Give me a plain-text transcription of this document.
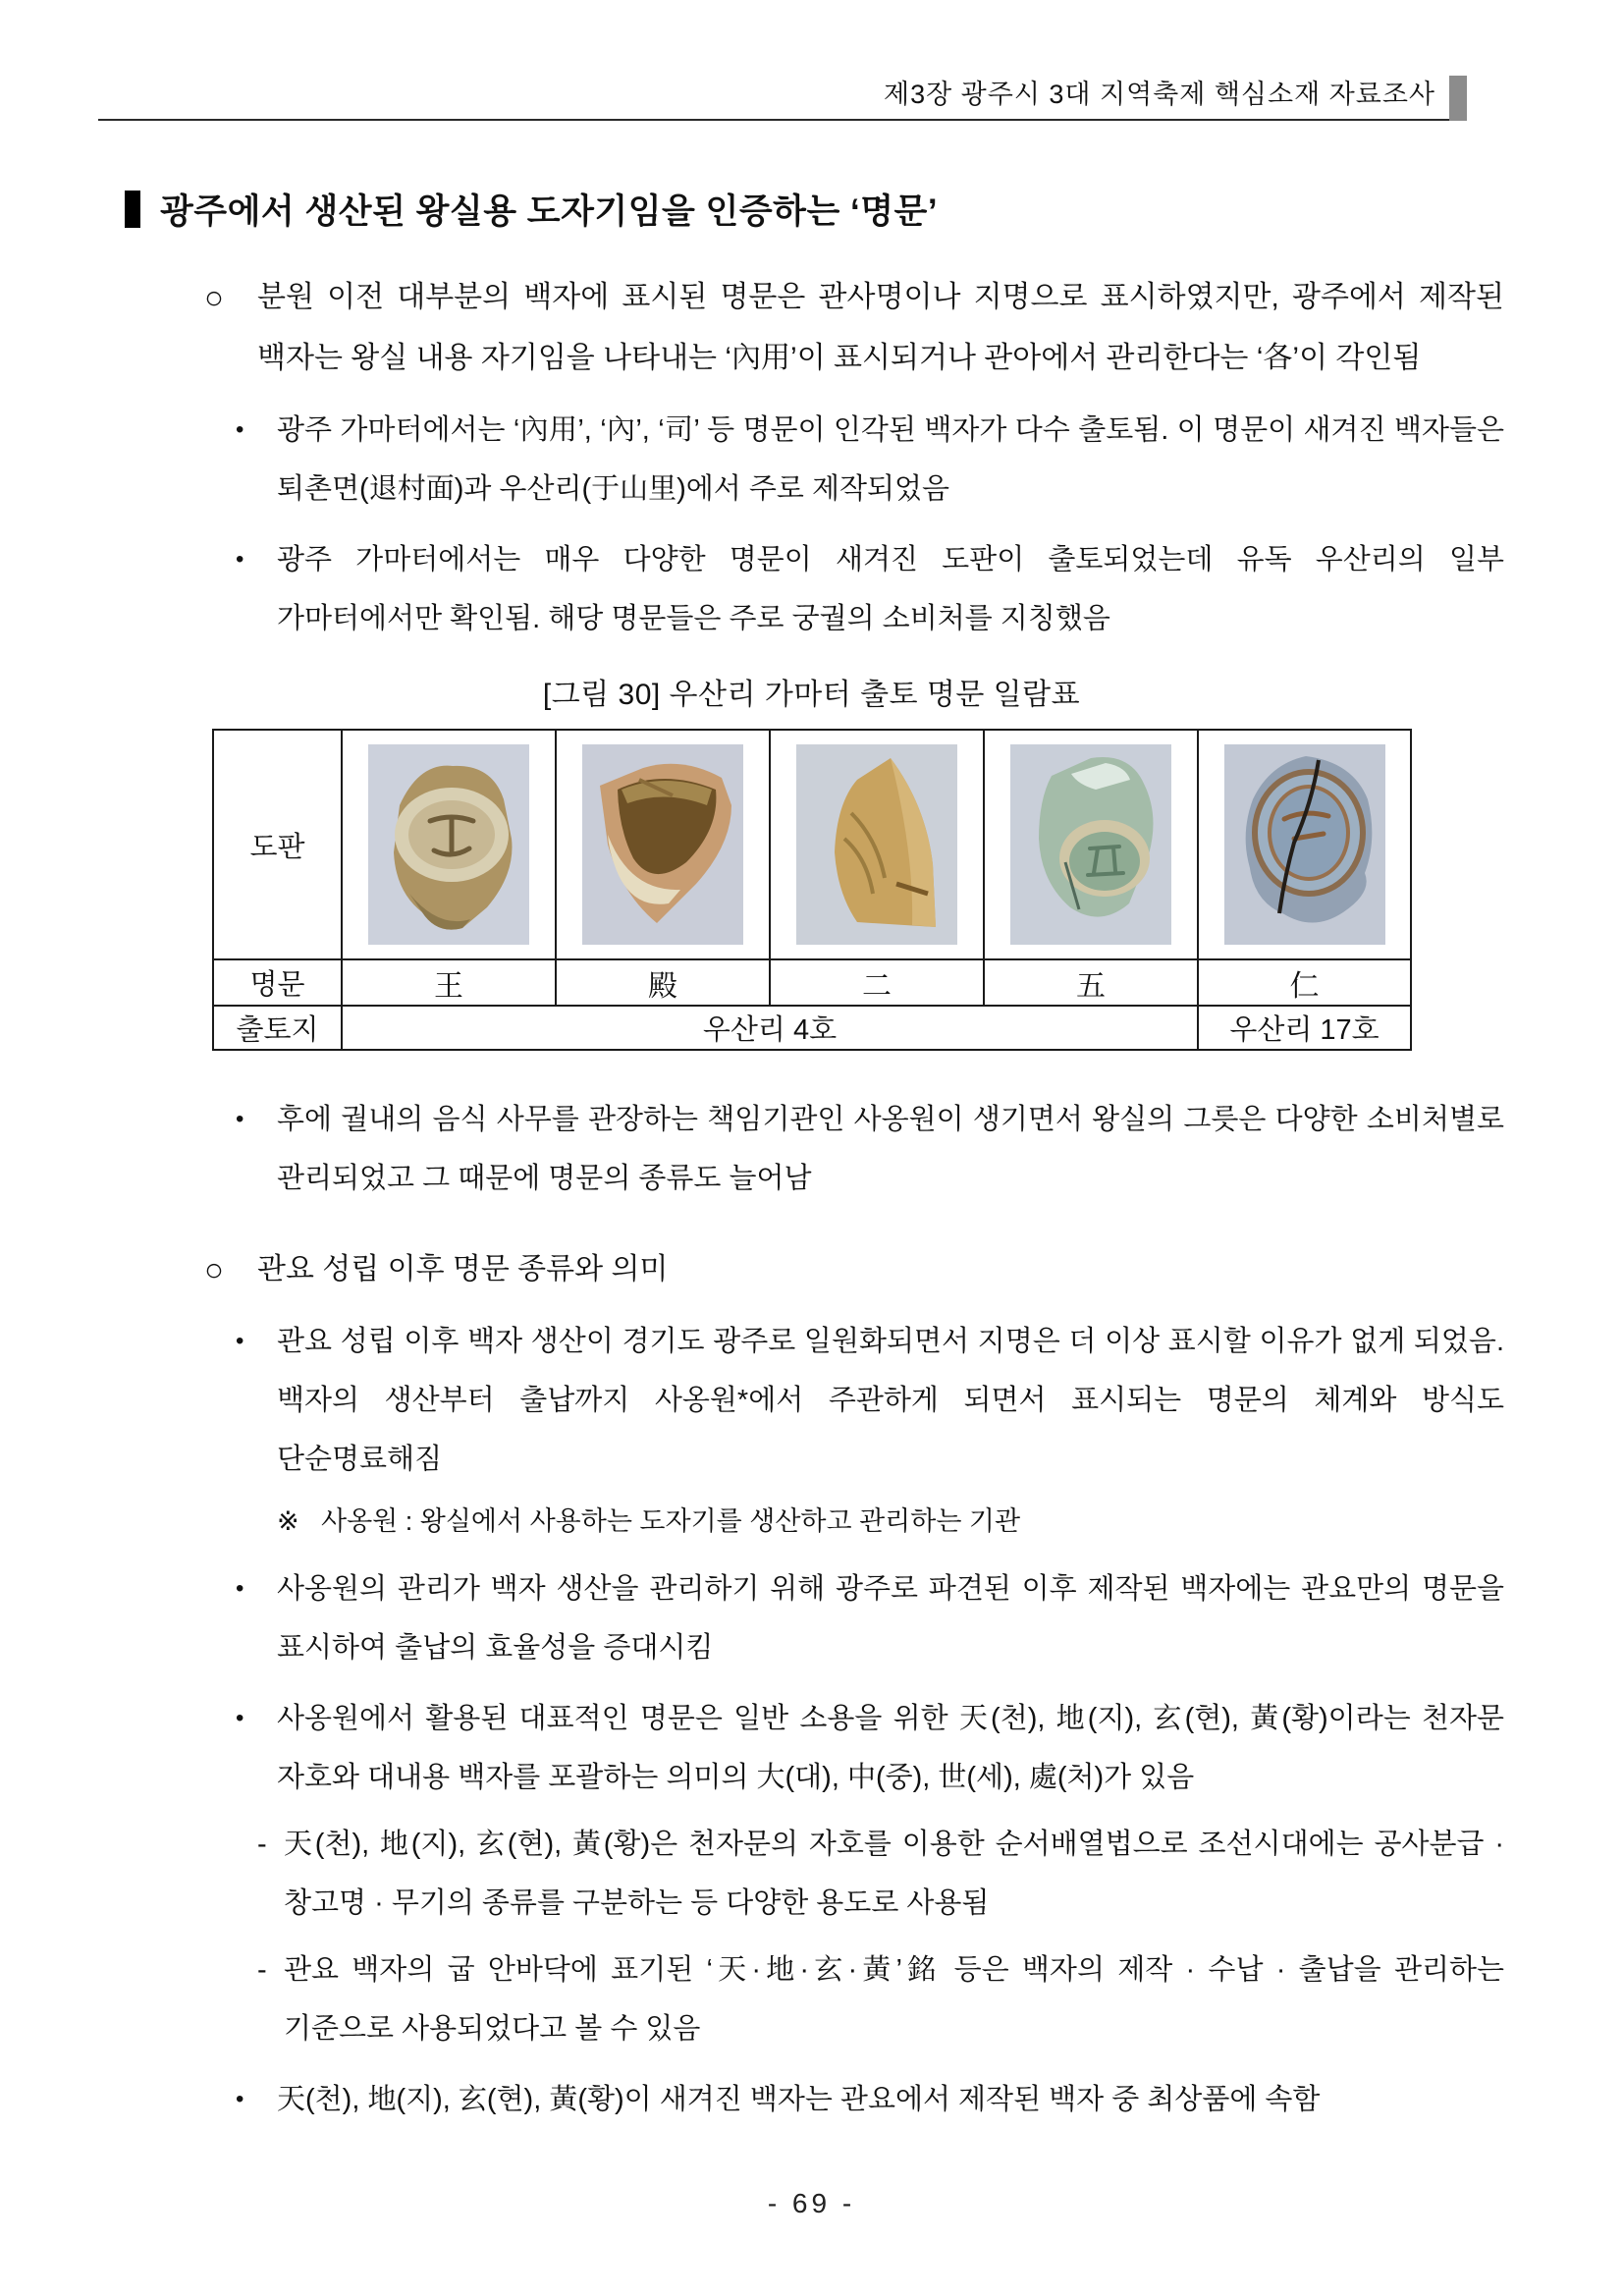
제3장 광주시 3대 지역축제 핵심소재 자료조사
광주에서 생산된 왕실용 도자기임을 인증하는 ‘명문’
○	분원 이전 대부분의 백자에 표시된 명문은 관사명이나 지명으로 표시하였지만, 광주에서 제작된 백자는 왕실 내용 자기임을 나타내는 ‘內用’이 표시되거나 관아에서 관리한다는 ‘各’이 각인됨
•	광주 가마터에서는 ‘內用’, ‘內’, ‘司’ 등 명문이 인각된 백자가 다수 출토됨. 이 명문이 새겨진 백자들은 퇴촌면(退村面)과 우산리(于山里)에서 주로 제작되었음
•	광주 가마터에서는 매우 다양한 명문이 새겨진 도판이 출토되었는데 유독 우산리의 일부 가마터에서만 확인됨. 해당 명문들은 주로 궁궐의 소비처를 지칭했음
[그림 30] 우산리 가마터 출토 명문 일람표
도판	

명문	王	殿	二	五	仁
출토지	우산리 4호				우산리 17호
•	후에 궐내의 음식 사무를 관장하는 책임기관인 사옹원이 생기면서 왕실의 그릇은 다양한 소비처별로 관리되었고 그 때문에 명문의 종류도 늘어남
○	관요 성립 이후 명문 종류와 의미
•	관요 성립 이후 백자 생산이 경기도 광주로 일원화되면서 지명은 더 이상 표시할 이유가 없게 되었음. 백자의 생산부터 출납까지 사옹원*에서 주관하게 되면서 표시되는 명문의 체계와 방식도 단순명료해짐
※ 사옹원 : 왕실에서 사용하는 도자기를 생산하고 관리하는 기관
•	사옹원의 관리가 백자 생산을 관리하기 위해 광주로 파견된 이후 제작된 백자에는 관요만의 명문을 표시하여 출납의 효율성을 증대시킴
•	사옹원에서 활용된 대표적인 명문은 일반 소용을 위한 天(천), 地(지), 玄(현), 黃(황)이라는 천자문 자호와 대내용 백자를 포괄하는 의미의 大(대), 中(중), 世(세), 處(처)가 있음
- 天(천), 地(지), 玄(현), 黃(황)은 천자문의 자호를 이용한 순서배열법으로 조선시대에는 공사분급 · 창고명 · 무기의 종류를 구분하는 등 다양한 용도로 사용됨
- 관요 백자의 굽 안바닥에 표기된 ‘天·地·玄·黃’銘 등은 백자의 제작 · 수납 · 출납을 관리하는 기준으로 사용되었다고 볼 수 있음
•	天(천), 地(지), 玄(현), 黃(황)이 새겨진 백자는 관요에서 제작된 백자 중 최상품에 속함
- 69 -
